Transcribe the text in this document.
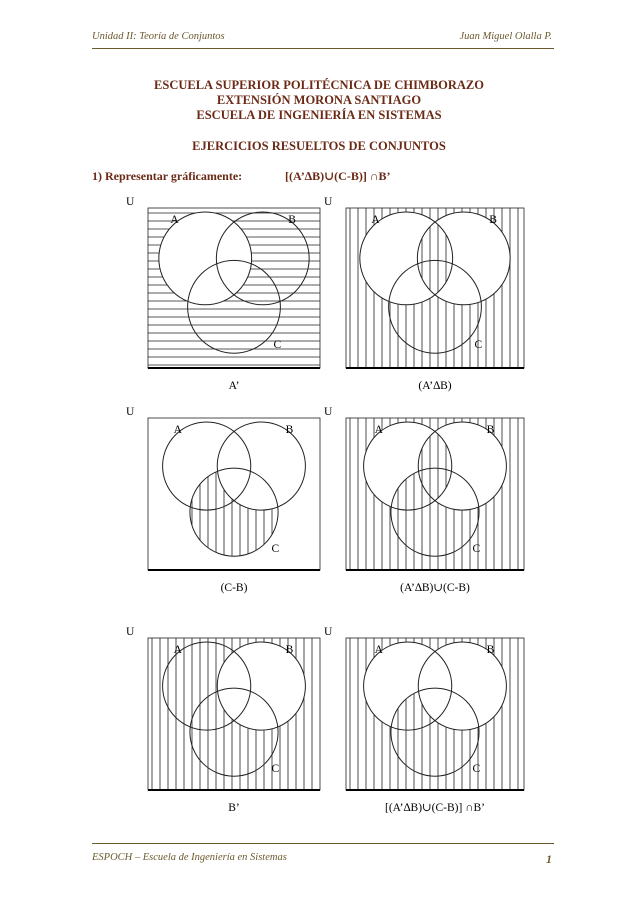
Unidad II: Teoría de Conjuntos	Juan Miguel Olalla P.
ESCUELA SUPERIOR POLITÉCNICA DE CHIMBORAZO
EXTENSIÓN MORONA SANTIAGO
ESCUELA DE INGENIERÍA EN SISTEMAS
EJERCICIOS RESUELTOS DE CONJUNTOS
1) Representar gráficamente:	[(A’∆B)∪(C-B)] ∩B’
U
A	B
C
A’
U
A	B
C
(A’∆B)
U
A	B
C
(C-B)
U
A	B
C
(A’∆B)∪(C-B)
U
A	B
C
B’
U
A	B
C
[(A’∆B)∪(C-B)] ∩B’
ESPOCH – Escuela de Ingeniería en Sistemas	1
